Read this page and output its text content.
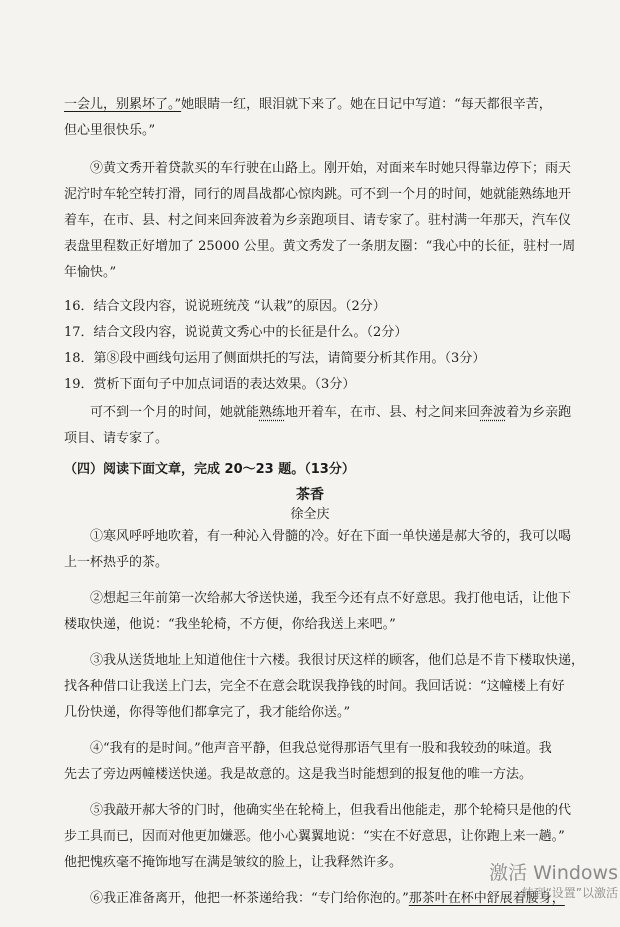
一会儿，别累坏了。”她眼睛一红，眼泪就下来了。她在日记中写道：“每天都很辛苦，
但心里很快乐。”
⑨黄文秀开着贷款买的车行驶在山路上。刚开始，对面来车时她只得靠边停下；雨天
泥泞时车轮空转打滑，同行的周昌战都心惊肉跳。可不到一个月的时间，她就能熟练地开
着车，在市、县、村之间来回奔波着为乡亲跑项目、请专家了。驻村满一年那天，汽车仪
表盘里程数正好增加了 25000 公里。黄文秀发了一条朋友圈：“我心中的长征，驻村一周
年愉快。”
16．结合文段内容，说说班统茂 “认栽”的原因。（2分）
17．结合文段内容，说说黄文秀心中的长征是什么。（2分）
18．第⑧段中画线句运用了侧面烘托的写法，请简要分析其作用。（3分）
19．赏析下面句子中加点词语的表达效果。（3分）
可不到一个月的时间，她就能熟练地开着车，在市、县、村之间来回奔波着为乡亲跑
项目、请专家了。
（四）阅读下面文章，完成 20～23 题。（13分）
茶香
徐全庆
①寒风呼呼地吹着，有一种沁入骨髓的冷。好在下面一单快递是郝大爷的，我可以喝
上一杯热乎的茶。
②想起三年前第一次给郝大爷送快递，我至今还有点不好意思。我打他电话，让他下
楼取快递，他说：“我坐轮椅，不方便，你给我送上来吧。”
③我从送货地址上知道他住十六楼。我很讨厌这样的顾客，他们总是不肯下楼取快递，
找各种借口让我送上门去，完全不在意会耽误我挣钱的时间。我回话说：“这幢楼上有好
几份快递，你得等他们都拿完了，我才能给你送。”
④“我有的是时间。”他声音平静，但我总觉得那语气里有一股和我较劲的味道。我
先去了旁边两幢楼送快递。我是故意的。这是我当时能想到的报复他的唯一方法。
⑤我敲开郝大爷的门时，他确实坐在轮椅上，但我看出他能走，那个轮椅只是他的代
步工具而已，因而对他更加嫌恶。他小心翼翼地说：“实在不好意思，让你跑上来一趟。”
他把愧疚毫不掩饰地写在满是皱纹的脸上，让我释然许多。
⑥我正准备离开，他把一杯茶递给我：“专门给你泡的。”那茶叶在杯中舒展着腰身，
激活 Windows
转到“设置”以激活
